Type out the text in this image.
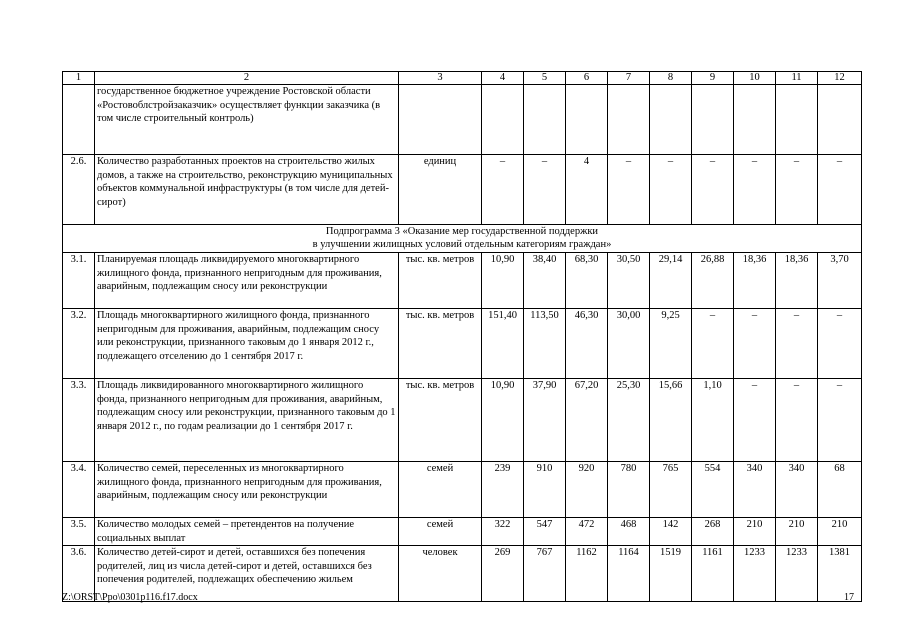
1	2	3	4	5	6	7	8	9	10	11	12
	государственное бюджетное учреждение Ростовской области «Ростовоблстройзаказчик» осуществляет функции заказчика (в том числе строительный контроль)										
2.6.	Количество разработанных проектов на строительство жилых домов, а также на строительство, реконструкцию муниципальных объектов коммунальной инфраструктуры (в том числе для детей-сирот)	единиц	–	–	4	–	–	–	–	–	–

Подпрограмма 3 «Оказание мер государственной поддержки
в улучшении жилищных условий отдельным категориям граждан»											

3.1.	Планируемая площадь ликвидируемого многоквартирного жилищного фонда, признанного непригодным для проживания, аварийным, подлежащим сносу или реконструкции	тыс. кв. метров	10,90	38,40	68,30	30,50	29,14	26,88	18,36	18,36	3,70
3.2.	Площадь многоквартирного жилищного фонда, признанного непригодным для проживания, аварийным, подлежащим сносу или реконструкции, признанного таковым до 1 января 2012 г., подлежащего отселению до 1 сентября 2017 г.	тыс. кв. метров	151,40	113,50	46,30	30,00	9,25	–	–	–	–
3.3.	Площадь ликвидированного многоквартирного жилищного фонда, признанного непригодным для проживания, аварийным, подлежащим сносу или реконструкции, признанного таковым до 1 января 2012 г., по годам реализации до 1 сентября 2017 г.	тыс. кв. метров	10,90	37,90	67,20	25,30	15,66	1,10	–	–	–
3.4.	Количество семей, переселенных из многоквартирного жилищного фонда, признанного непригодным для проживания, аварийным, подлежащим сносу или реконструкции	семей	239	910	920	780	765	554	340	340	68
3.5.	Количество молодых семей – претендентов на получение социальных выплат	семей	322	547	472	468	142	268	210	210	210
3.6.	Количество детей-сирот и детей, оставшихся без попечения родителей, лиц из числа детей-сирот и детей, оставшихся без попечения родителей, подлежащих обеспечению жильем	человек	269	767	1162	1164	1519	1161	1233	1233	1381
Z:\ORST\Ppo\0301p116.f17.docx	17
